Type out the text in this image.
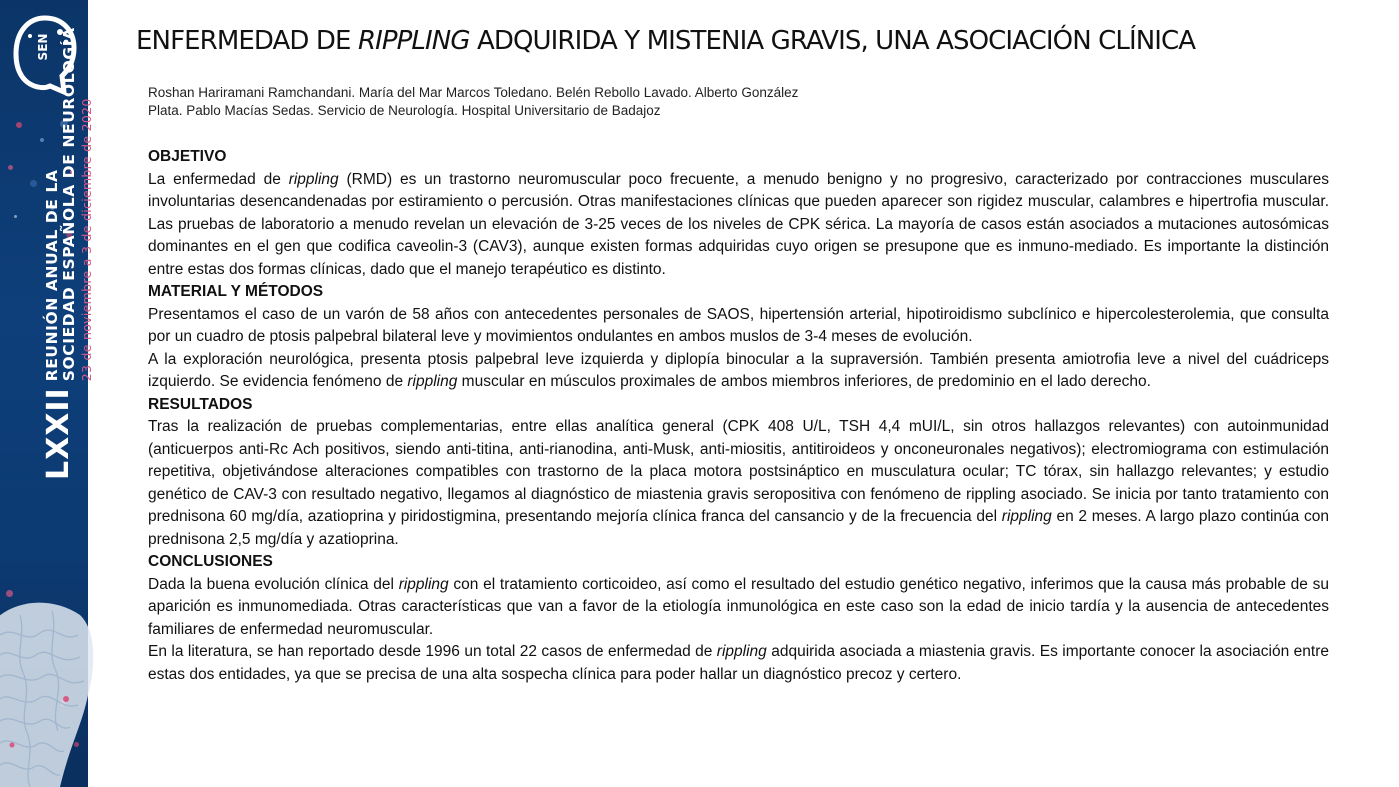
SEN
LXXII
REUNIÓN ANUAL DE LA SOCIEDAD ESPAÑOLA DE NEUROLOGÍA 23 de noviembre a 3 de diciembre de 2020
ENFERMEDAD DE RIPPLING ADQUIRIDA Y MISTENIA GRAVIS, UNA ASOCIACIÓN CLÍNICA
Roshan Hariramani Ramchandani. María del Mar Marcos Toledano. Belén Rebollo Lavado. Alberto González
Plata. Pablo Macías Sedas. Servicio de Neurología. Hospital Universitario de Badajoz
OBJETIVO

La enfermedad de rippling (RMD) es un trastorno neuromuscular poco frecuente, a menudo benigno y no progresivo, caracterizado por contracciones musculares involuntarias desencandenadas por estiramiento o percusión. Otras manifestaciones clínicas que pueden aparecer son rigidez muscular, calambres e hipertrofia muscular. Las pruebas de laboratorio a menudo revelan un elevación de 3-25 veces de los niveles de CPK sérica. La mayoría de casos están asociados a mutaciones autosómicas dominantes en el gen que codifica caveolin-3 (CAV3), aunque existen formas adquiridas cuyo origen se presupone que es inmuno-mediado. Es importante la distinción entre estas dos formas clínicas, dado que el manejo terapéutico es distinto.

MATERIAL Y MÉTODOS

Presentamos el caso de un varón de 58 años con antecedentes personales de SAOS, hipertensión arterial, hipotiroidismo subclínico e hipercolesterolemia, que consulta por un cuadro de ptosis palpebral bilateral leve y movimientos ondulantes en ambos muslos de 3-4 meses de evolución.

A la exploración neurológica, presenta ptosis palpebral leve izquierda y diplopía binocular a la supraversión. También presenta amiotrofia leve a nivel del cuádriceps izquierdo. Se evidencia fenómeno de rippling muscular en músculos proximales de ambos miembros inferiores, de predominio en el lado derecho.

RESULTADOS

Tras la realización de pruebas complementarias, entre ellas analítica general (CPK 408 U/L, TSH 4,4 mUI/L, sin otros hallazgos relevantes) con autoinmunidad (anticuerpos anti-Rc Ach positivos, siendo anti-titina, anti-rianodina, anti-Musk, anti-miositis, antitiroideos y onconeuronales negativos); electromiograma con estimulación repetitiva, objetivándose alteraciones compatibles con trastorno de la placa motora postsináptico en musculatura ocular; TC tórax, sin hallazgo relevantes; y estudio genético de CAV-3 con resultado negativo, llegamos al diagnóstico de miastenia gravis seropositiva con fenómeno de rippling asociado. Se inicia por tanto tratamiento con prednisona 60 mg/día, azatioprina y piridostigmina, presentando mejoría clínica franca del cansancio y de la frecuencia del rippling en 2 meses. A largo plazo continúa con prednisona 2,5 mg/día y azatioprina.

CONCLUSIONES

Dada la buena evolución clínica del rippling con el tratamiento corticoideo, así como el resultado del estudio genético negativo, inferimos que la causa más probable de su aparición es inmunomediada. Otras características que van a favor de la etiología inmunológica en este caso son la edad de inicio tardía y la ausencia de antecedentes familiares de enfermedad neuromuscular.

En la literatura, se han reportado desde 1996 un total 22 casos de enfermedad de rippling adquirida asociada a miastenia gravis. Es importante conocer la asociación entre estas dos entidades, ya que se precisa de una alta sospecha clínica para poder hallar un diagnóstico precoz y certero.
